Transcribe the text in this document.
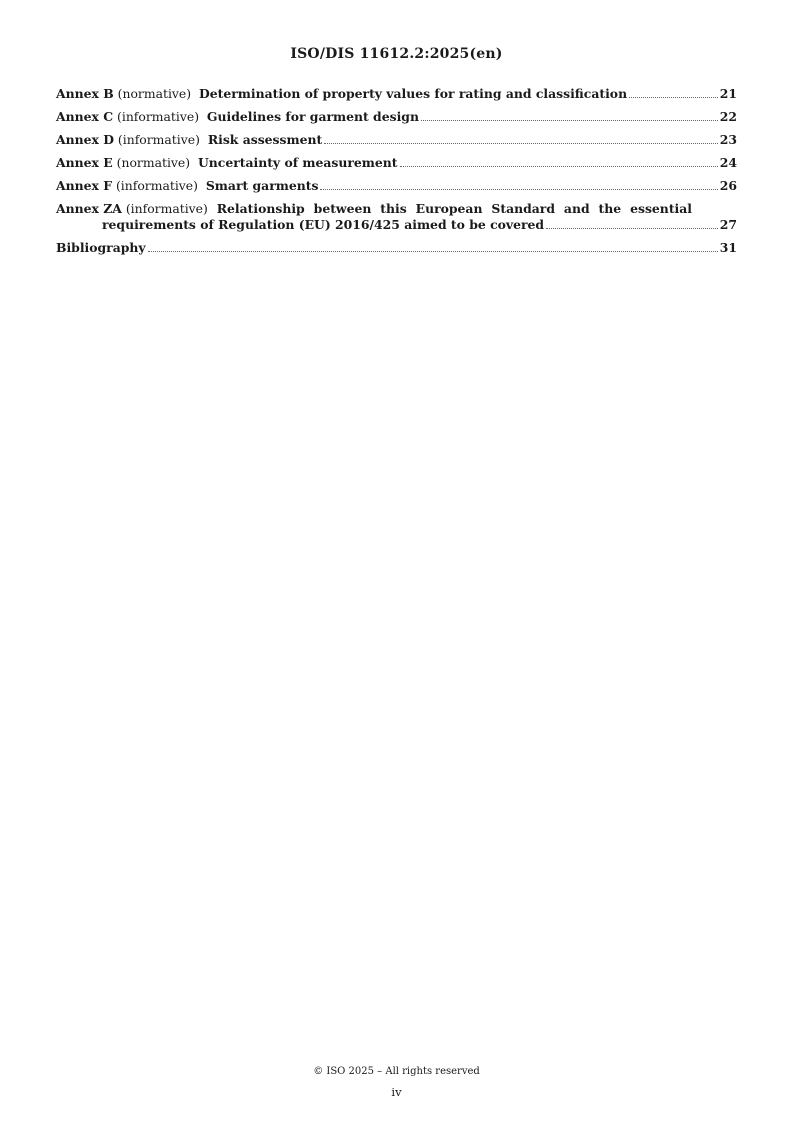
ISO/DIS 11612.2:2025(en)
Annex B (normative) Determination of property values for rating and classification	21
Annex C (informative) Guidelines for garment design	22
Annex D (informative) Risk assessment	23
Annex E (normative) Uncertainty of measurement	24
Annex F (informative) Smart garments	26
Annex ZA (informative) Relationship between this European Standard and the essential
requirements of Regulation (EU) 2016/425 aimed to be covered	27
Bibliography	31
© ISO 2025 – All rights reserved
iv
